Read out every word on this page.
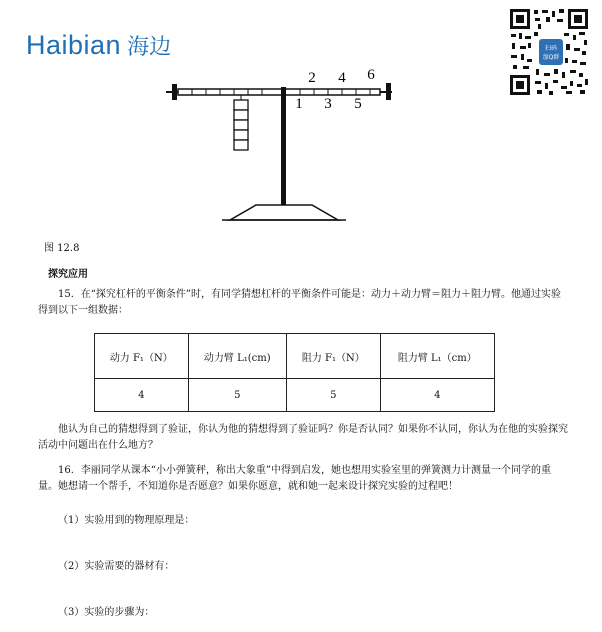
Haibian 海边	扫码
加Q群
2 4 6
1 3 5
图 12.8
探究应用
15．在“探究杠杆的平衡条件”时，有同学猜想杠杆的平衡条件可能是：动力＋动力臂＝阻力＋阻力臂。他通过实验得到以下一组数据：
动力 F₁（N）	动力臂 L₁(cm)	阻力 F₁（N）	阻力臂 L₁（cm）
4	5	5	4
他认为自己的猜想得到了验证，你认为他的猜想得到了验证吗？你是否认同？如果你不认同，你认为在他的实验探究活动中问题出在什么地方？
16．李丽同学从课本“小小弹簧秤，称出大象重”中得到启发，她也想用实验室里的弹簧测力计测量一个同学的重量。她想请一个帮手，不知道你是否愿意？如果你愿意，就和她一起来设计探究实验的过程吧！
（1）实验用到的物理原理是：
（2）实验需要的器材有：
（3）实验的步骤为：
